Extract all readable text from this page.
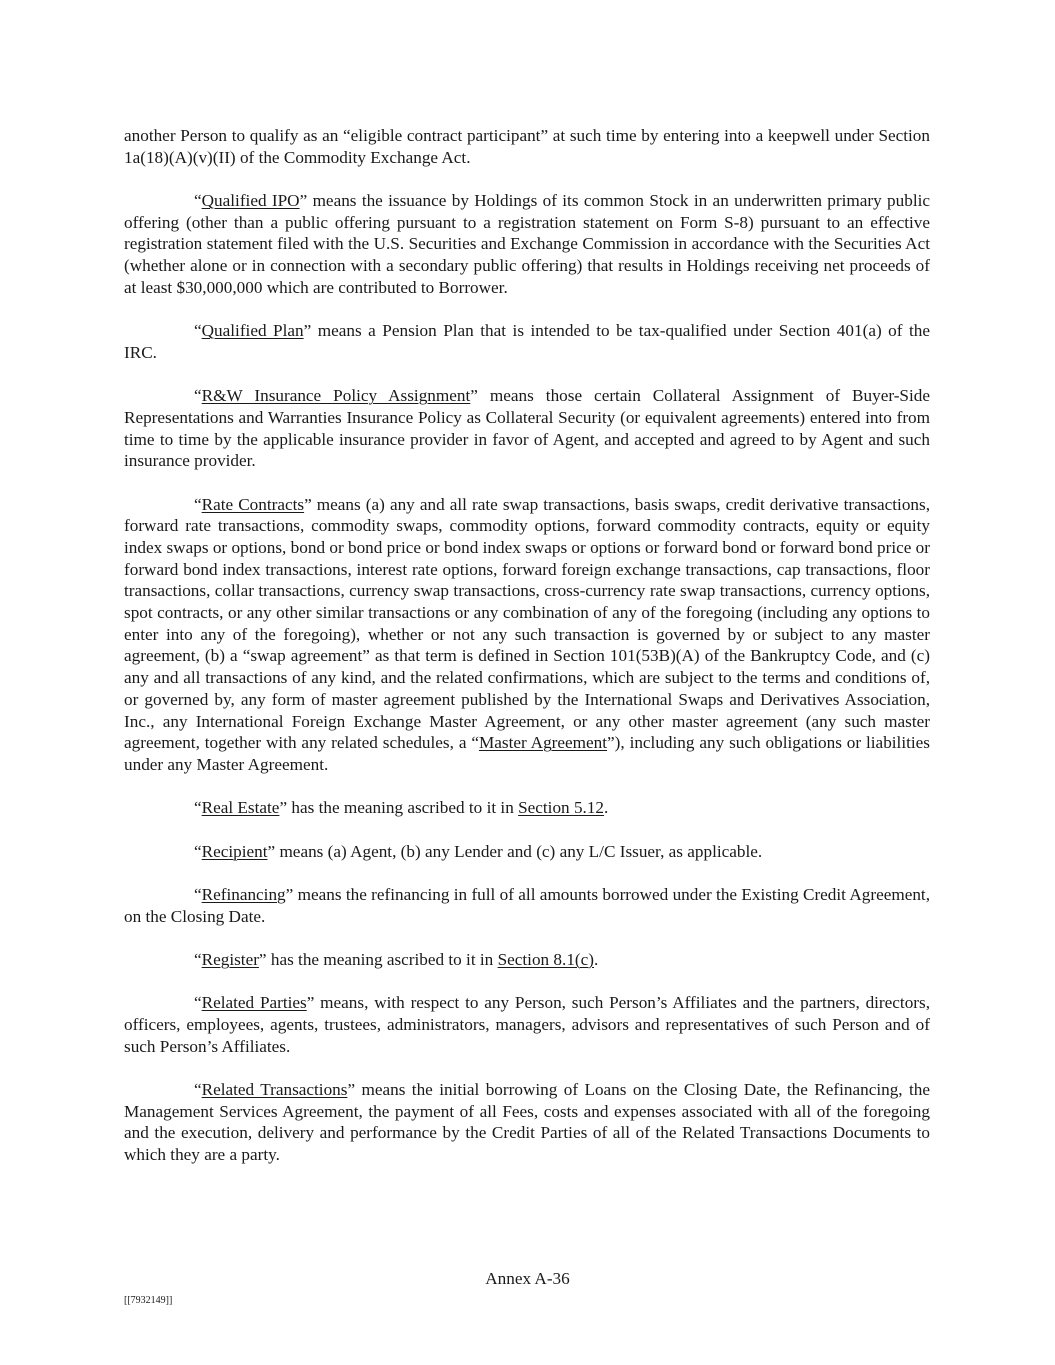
another Person to qualify as an “eligible contract participant” at such time by entering into a keepwell under Section 1a(18)(A)(v)(II) of the Commodity Exchange Act.

“Qualified IPO” means the issuance by Holdings of its common Stock in an underwritten primary public offering (other than a public offering pursuant to a registration statement on Form S-8) pursuant to an effective registration statement filed with the U.S. Securities and Exchange Commission in accordance with the Securities Act (whether alone or in connection with a secondary public offering) that results in Holdings receiving net proceeds of at least $30,000,000 which are contributed to Borrower.

“Qualified Plan” means a Pension Plan that is intended to be tax-qualified under Section 401(a) of the IRC.

“R&W Insurance Policy Assignment” means those certain Collateral Assignment of Buyer-Side Representations and Warranties Insurance Policy as Collateral Security (or equivalent agreements) entered into from time to time by the applicable insurance provider in favor of Agent, and accepted and agreed to by Agent and such insurance provider.

“Rate Contracts” means (a) any and all rate swap transactions, basis swaps, credit derivative transactions, forward rate transactions, commodity swaps, commodity options, forward commodity contracts, equity or equity index swaps or options, bond or bond price or bond index swaps or options or forward bond or forward bond price or forward bond index transactions, interest rate options, forward foreign exchange transactions, cap transactions, floor transactions, collar transactions, currency swap transactions, cross-currency rate swap transactions, currency options, spot contracts, or any other similar transactions or any combination of any of the foregoing (including any options to enter into any of the foregoing), whether or not any such transaction is governed by or subject to any master agreement, (b) a “swap agreement” as that term is defined in Section 101(53B)(A) of the Bankruptcy Code, and (c) any and all transactions of any kind, and the related confirmations, which are subject to the terms and conditions of, or governed by, any form of master agreement published by the International Swaps and Derivatives Association, Inc., any International Foreign Exchange Master Agreement, or any other master agreement (any such master agreement, together with any related schedules, a “Master Agreement”), including any such obligations or liabilities under any Master Agreement.

“Real Estate” has the meaning ascribed to it in Section 5.12.

“Recipient” means (a) Agent, (b) any Lender and (c) any L/C Issuer, as applicable.

“Refinancing” means the refinancing in full of all amounts borrowed under the Existing Credit Agreement, on the Closing Date.

“Register” has the meaning ascribed to it in Section 8.1(c).

“Related Parties” means, with respect to any Person, such Person’s Affiliates and the partners, directors, officers, employees, agents, trustees, administrators, managers, advisors and representatives of such Person and of such Person’s Affiliates.

“Related Transactions” means the initial borrowing of Loans on the Closing Date, the Refinancing, the Management Services Agreement, the payment of all Fees, costs and expenses associated with all of the foregoing and the execution, delivery and performance by the Credit Parties of all of the Related Transactions Documents to which they are a party.

Annex A-36
[[7932149]]
